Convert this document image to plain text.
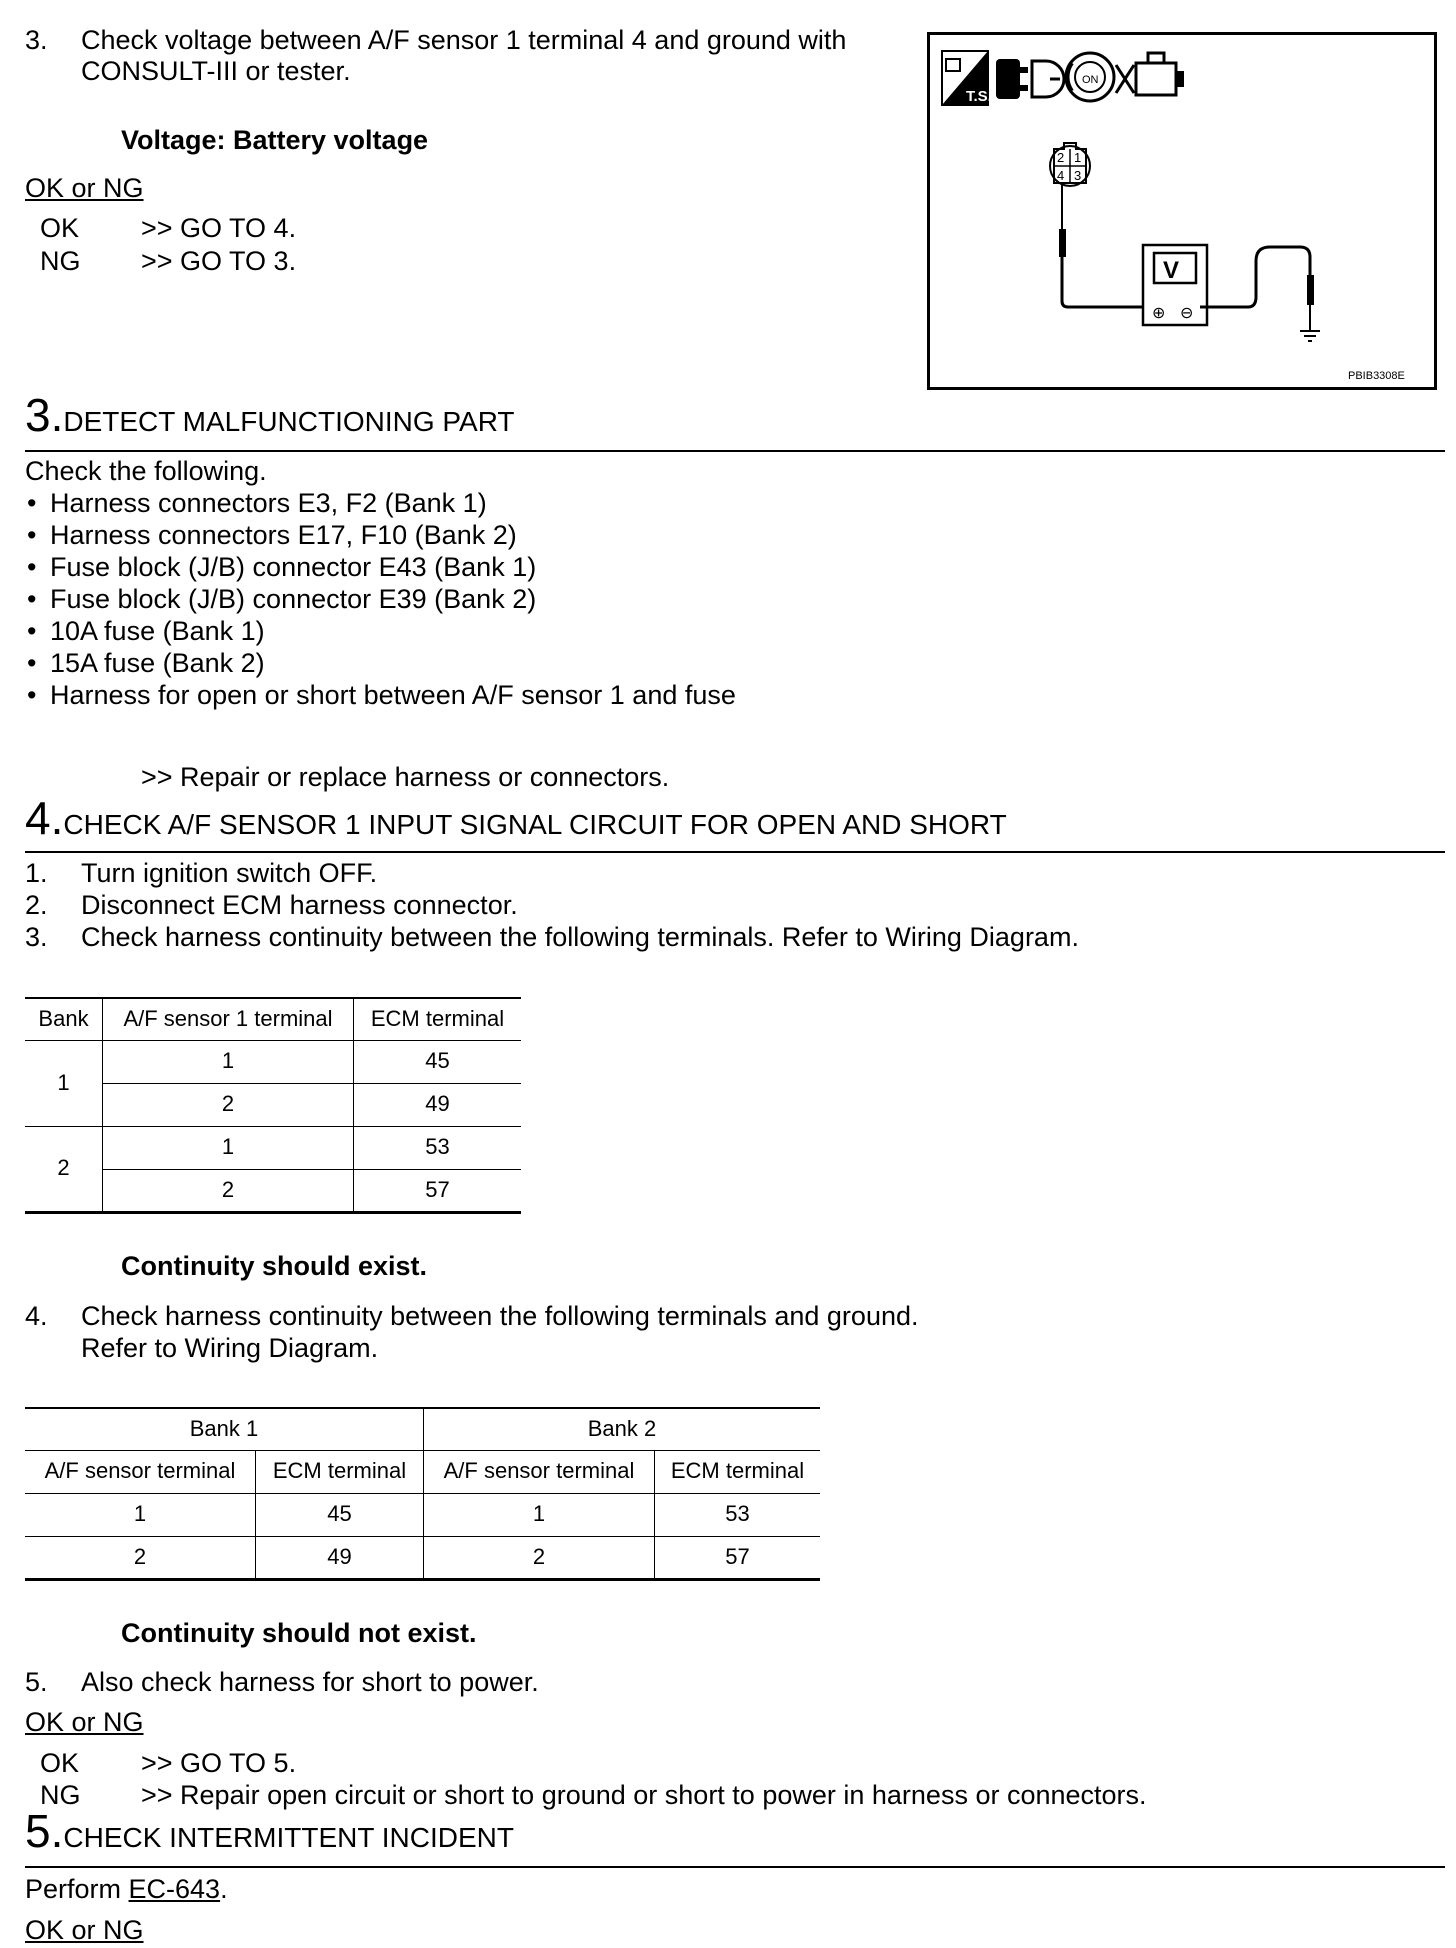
3.	Check voltage between A/F sensor 1 terminal 4 and ground with
CONSULT-III or tester.
Voltage: Battery voltage
OK or NG
OK >> GO TO 4.
NG >> GO TO 3.
T.S.
ON
2 1
4 3
V
⊕ ⊖
PBIB3308E
3.DETECT MALFUNCTIONING PART
Check the following.
• Harness connectors E3, F2 (Bank 1)
• Harness connectors E17, F10 (Bank 2)
• Fuse block (J/B) connector E43 (Bank 1)
• Fuse block (J/B) connector E39 (Bank 2)
• 10A fuse (Bank 1)
• 15A fuse (Bank 2)
• Harness for open or short between A/F sensor 1 and fuse
>> Repair or replace harness or connectors.
4.CHECK A/F SENSOR 1 INPUT SIGNAL CIRCUIT FOR OPEN AND SHORT
1.	Turn ignition switch OFF.
2.	Disconnect ECM harness connector.
3.	Check harness continuity between the following terminals. Refer to Wiring Diagram.
Bank	A/F sensor 1 terminal	ECM terminal
1	1	45
	2	49
2	1	53
	2	57
Continuity should exist.
4.	Check harness continuity between the following terminals and ground.
Refer to Wiring Diagram.
Bank 1		Bank 2	
A/F sensor terminal	ECM terminal	A/F sensor terminal	ECM terminal
1	45	1	53
2	49	2	57
Continuity should not exist.
5.	Also check harness for short to power.
OK or NG
OK >> GO TO 5.
NG >> Repair open circuit or short to ground or short to power in harness or connectors.
5.CHECK INTERMITTENT INCIDENT
Perform EC-643.
OK or NG
